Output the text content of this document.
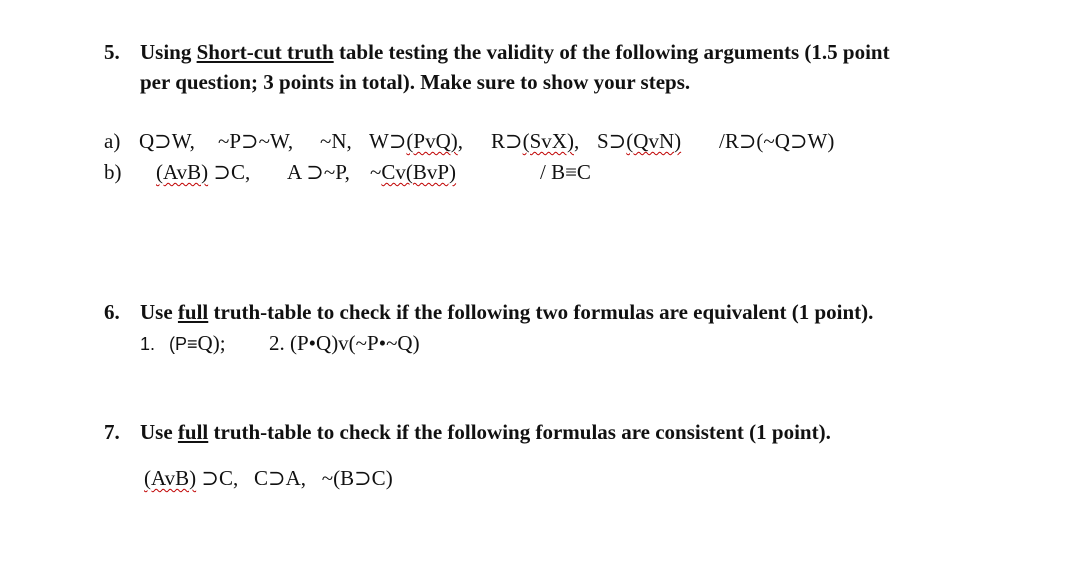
5. Using Short-cut truth table testing the validity of the following arguments (1.5 point
per question; 3 points in total). Make sure to show your steps.
a) Q⊃W, ~P⊃~W, ~N, W⊃(PvQ), R⊃(SvX), S⊃(QvN) /R⊃(~Q⊃W)
b) (AvB) ⊃C, A ⊃~P, ~Cv(BvP)	/ B≡C
6. Use full truth-table to check if the following two formulas are equivalent (1 point).
1. (P≡Q); 2. (P•Q)v(~P•~Q)
7. Use full truth-table to check if the following formulas are consistent (1 point).
(AvB) ⊃C,   C⊃A,   ~(B⊃C)
